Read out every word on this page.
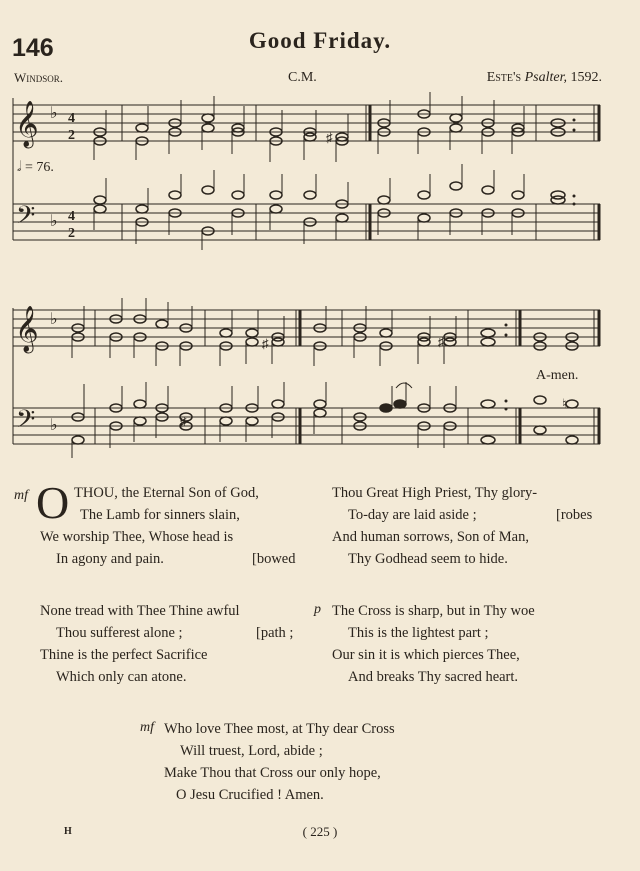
146	Good Friday.
Windsor.	C.M.	Este's Psalter, 1592.
𝄞
𝄢
♭
♭
4
2
4
2
♯
𝅗𝅥 = 76.
𝄞
𝄢
♭
♭
♯	♯
♯
♮
A-men.
mf O THOU, the Eternal Son of God,
The Lamb for sinners slain,
We worship Thee, Whose head is
In agony and pain.	[bowed
Thou Great High Priest, Thy glory-
To-day are laid aside ;	[robes
And human sorrows, Son of Man,
Thy Godhead seem to hide.
None tread with Thee Thine awful
Thou sufferest alone ;	[path ;
Thine is the perfect Sacrifice
Which only can atone.
p The Cross is sharp, but in Thy woe
This is the lightest part ;
Our sin it is which pierces Thee,
And breaks Thy sacred heart.
mf Who love Thee most, at Thy dear Cross
Will truest, Lord, abide ;
Make Thou that Cross our only hope,
O Jesu Crucified ! Amen.
H	( 225 )
